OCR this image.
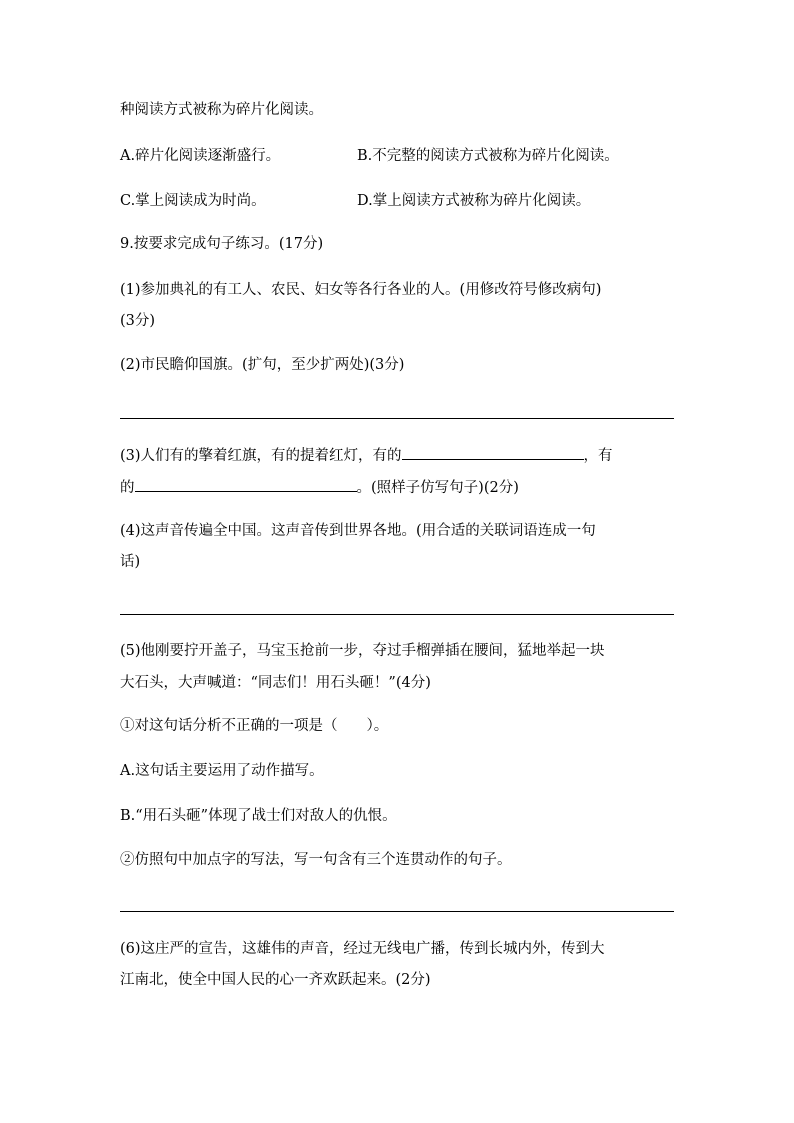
种阅读方式被称为碎片化阅读。
A.碎片化阅读逐渐盛行。	B.不完整的阅读方式被称为碎片化阅读。
C.掌上阅读成为时尚。	D.掌上阅读方式被称为碎片化阅读。
9.按要求完成句子练习。(17分)
(1)参加典礼的有工人、农民、妇女等各行各业的人。(用修改符号修改病句)
(3分)
(2)市民瞻仰国旗。(扩句，至少扩两处)(3分)
(3)人们有的擎着红旗，有的提着红灯，有的	，有
的	。(照样子仿写句子)(2分)
(4)这声音传遍全中国。这声音传到世界各地。(用合适的关联词语连成一句
话)
(5)他刚要拧开盖子，马宝玉抢前一步，夺过手榴弹插在腰间，猛地举起一块
大石头，大声喊道：“同志们！用石头砸！”(4分)
①对这句话分析不正确的一项是（　　）。
A.这句话主要运用了动作描写。
B.“用石头砸”体现了战士们对敌人的仇恨。
②仿照句中加点字的写法，写一句含有三个连贯动作的句子。
(6)这庄严的宣告，这雄伟的声音，经过无线电广播，传到长城内外，传到大
江南北，使全中国人民的心一齐欢跃起来。(2分)
